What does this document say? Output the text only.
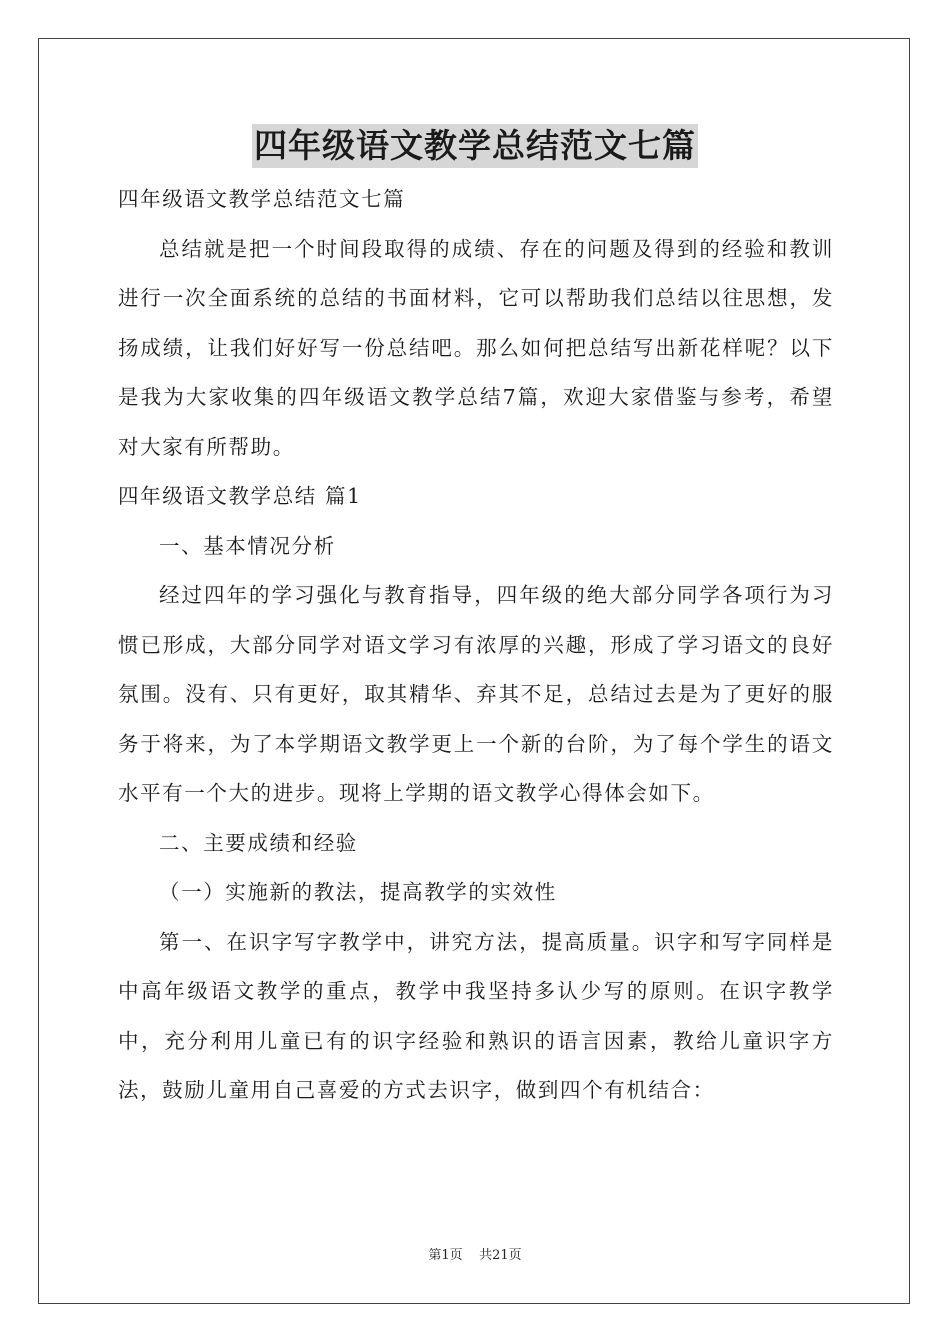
四年级语文教学总结范文七篇

四年级语文教学总结范文七篇

总结就是把一个时间段取得的成绩、存在的问题及得到的经验和教训进行一次全面系统的总结的书面材料，它可以帮助我们总结以往思想，发扬成绩，让我们好好写一份总结吧。那么如何把总结写出新花样呢？以下是我为大家收集的四年级语文教学总结7篇，欢迎大家借鉴与参考，希望对大家有所帮助。

四年级语文教学总结 篇1

一、基本情况分析

经过四年的学习强化与教育指导，四年级的绝大部分同学各项行为习惯已形成，大部分同学对语文学习有浓厚的兴趣，形成了学习语文的良好氛围。没有、只有更好，取其精华、弃其不足，总结过去是为了更好的服务于将来，为了本学期语文教学更上一个新的台阶，为了每个学生的语文水平有一个大的进步。现将上学期的语文教学心得体会如下。

二、主要成绩和经验

（一）实施新的教法，提高教学的实效性

第一、在识字写字教学中，讲究方法，提高质量。识字和写字同样是中高年级语文教学的重点，教学中我坚持多认少写的原则。在识字教学中，充分利用儿童已有的识字经验和熟识的语言因素，教给儿童识字方法，鼓励儿童用自己喜爱的方式去识字，做到四个有机结合：

第1页    共21页
